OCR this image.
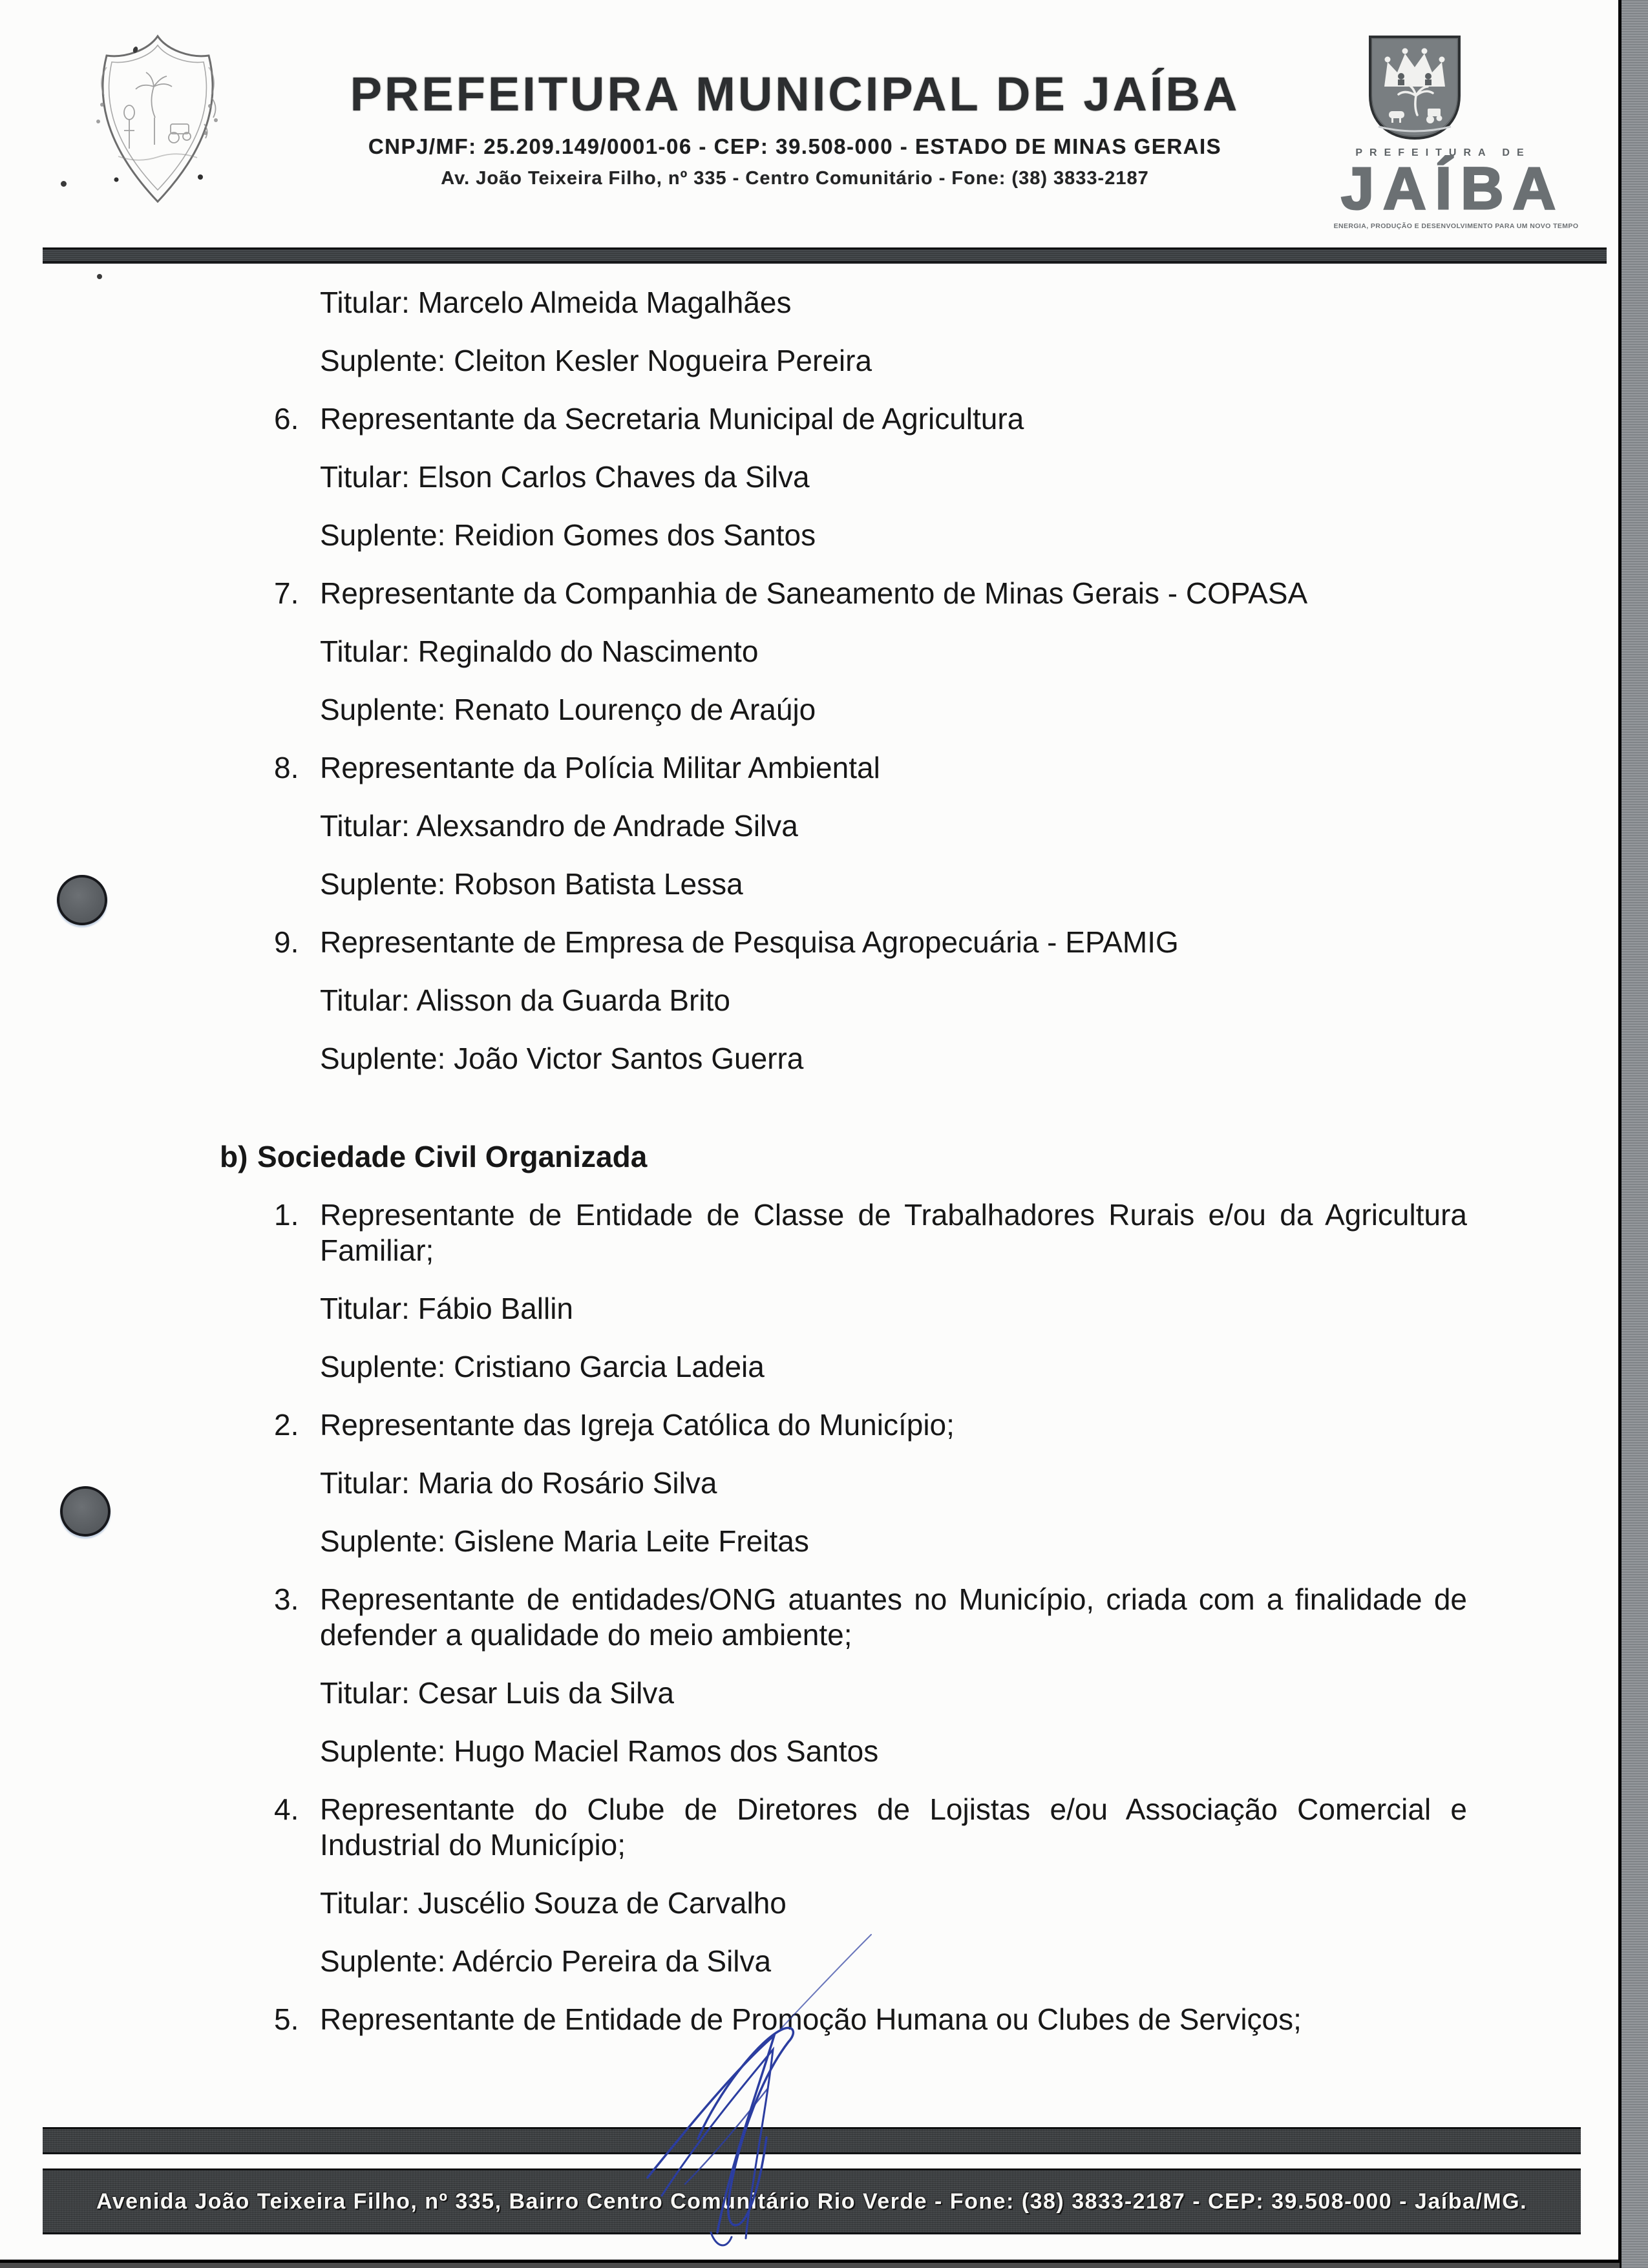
PREFEITURA MUNICIPAL DE JAÍBA
CNPJ/MF: 25.209.149/0001-06 - CEP: 39.508-000 - ESTADO DE MINAS GERAIS
Av. João Teixeira Filho, nº 335 - Centro Comunitário - Fone: (38) 3833-2187
PREFEITURA DE
JAÍBA
ENERGIA, PRODUÇÃO E DESENVOLVIMENTO PARA UM NOVO TEMPO
Titular: Marcelo Almeida Magalhães
Suplente: Cleiton Kesler Nogueira Pereira
6. Representante da Secretaria Municipal de Agricultura
Titular: Elson Carlos Chaves da Silva
Suplente: Reidion Gomes dos Santos
7. Representante da Companhia de Saneamento de Minas Gerais - COPASA
Titular: Reginaldo do Nascimento
Suplente: Renato Lourenço de Araújo
8. Representante da Polícia Militar Ambiental
Titular: Alexsandro de Andrade Silva
Suplente: Robson Batista Lessa
9. Representante de Empresa de Pesquisa Agropecuária - EPAMIG
Titular: Alisson da Guarda Brito
Suplente: João Victor Santos Guerra
b) Sociedade Civil Organizada
1. Representante de Entidade de Classe de Trabalhadores Rurais e/ou da Agricultura
Familiar;
Titular: Fábio Ballin
Suplente: Cristiano Garcia Ladeia
2. Representante das Igreja Católica do Município;
Titular: Maria do Rosário Silva
Suplente: Gislene Maria Leite Freitas
3. Representante de entidades/ONG atuantes no Município, criada com a finalidade de
defender a qualidade do meio ambiente;
Titular: Cesar Luis da Silva
Suplente: Hugo Maciel Ramos dos Santos
4. Representante do Clube de Diretores de Lojistas e/ou Associação Comercial e
Industrial do Município;
Titular: Juscélio Souza de Carvalho
Suplente: Adércio Pereira da Silva
5. Representante de Entidade de Promoção Humana ou Clubes de Serviços;
Avenida João Teixeira Filho, nº 335, Bairro Centro Comunitário Rio Verde - Fone: (38) 3833-2187 - CEP: 39.508-000 - Jaíba/MG.
